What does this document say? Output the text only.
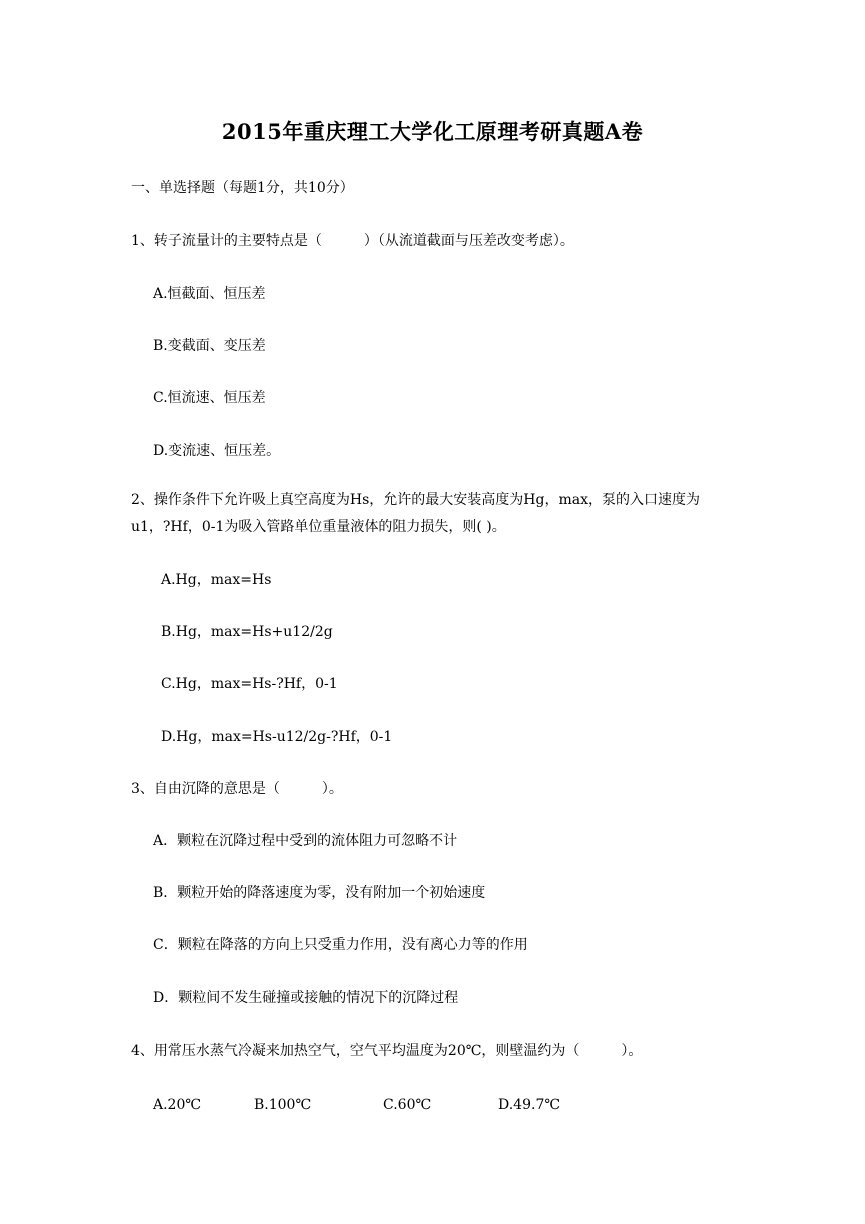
2015年重庆理工大学化工原理考研真题A卷
一、单选择题（每题1分，共10分）
1、转子流量计的主要特点是（　　　）（从流道截面与压差改变考虑）。
A.恒截面、恒压差
B.变截面、变压差
C.恒流速、恒压差
D.变流速、恒压差。
2、操作条件下允许吸上真空高度为Hs，允许的最大安装高度为Hg，max，泵的入口速度为
u1，?Hf，0-1为吸入管路单位重量液体的阻力损失，则( )。
A.Hg，max=Hs
B.Hg，max=Hs+u12/2g
C.Hg，max=Hs-?Hf，0-1
D.Hg，max=Hs-u12/2g-?Hf，0-1
3、自由沉降的意思是（　　　）。
A．颗粒在沉降过程中受到的流体阻力可忽略不计
B．颗粒开始的降落速度为零，没有附加一个初始速度
C．颗粒在降落的方向上只受重力作用，没有离心力等的作用
D．颗粒间不发生碰撞或接触的情况下的沉降过程
4、用常压水蒸气冷凝来加热空气，空气平均温度为20℃，则壁温约为（　　　）。
A.20℃	B.100℃	C.60℃	D.49.7℃
